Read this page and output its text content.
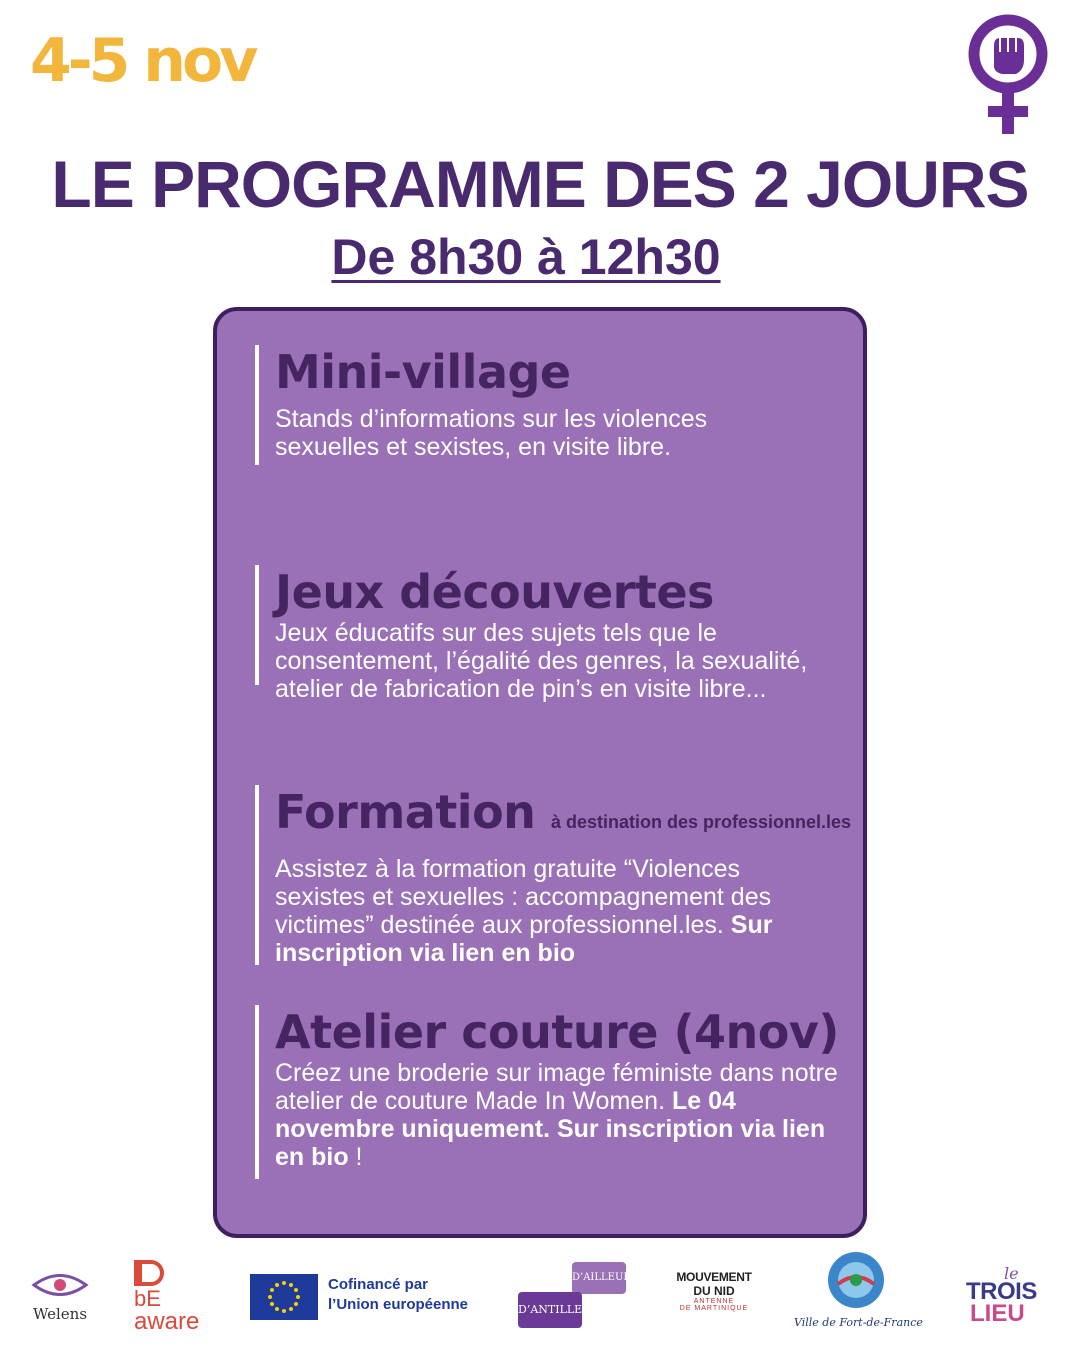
4-5 nov
LE PROGRAMME DES 2 JOURS
De 8h30 à 12h30
Mini-village

Stands d’informations sur les violences sexuelles et sexistes, en visite libre.

Jeux découvertes

Jeux éducatifs sur des sujets tels que le consentement, l’égalité des genres, la sexualité, atelier de fabrication de pin’s en visite libre...

Formation à destination des professionnel.les

Assistez à la formation gratuite “Violences sexistes et sexuelles : accompagnement des victimes” destinée aux professionnel.les. Sur inscription via lien en bio

Atelier couture (4nov)

Créez une broderie sur image féministe dans notre atelier de couture Made In Women. Le 04 novembre uniquement. Sur inscription via lien en bio !

Welens
bE
aware
Cofinancé par
l’Union européenne
D’AILLEURS
D’ANTILLES
MOUVEMENT
DU NID
ANTENNE
DE MARTINIQUE
Ville de Fort-de-France
le
TROIS
LIEU
